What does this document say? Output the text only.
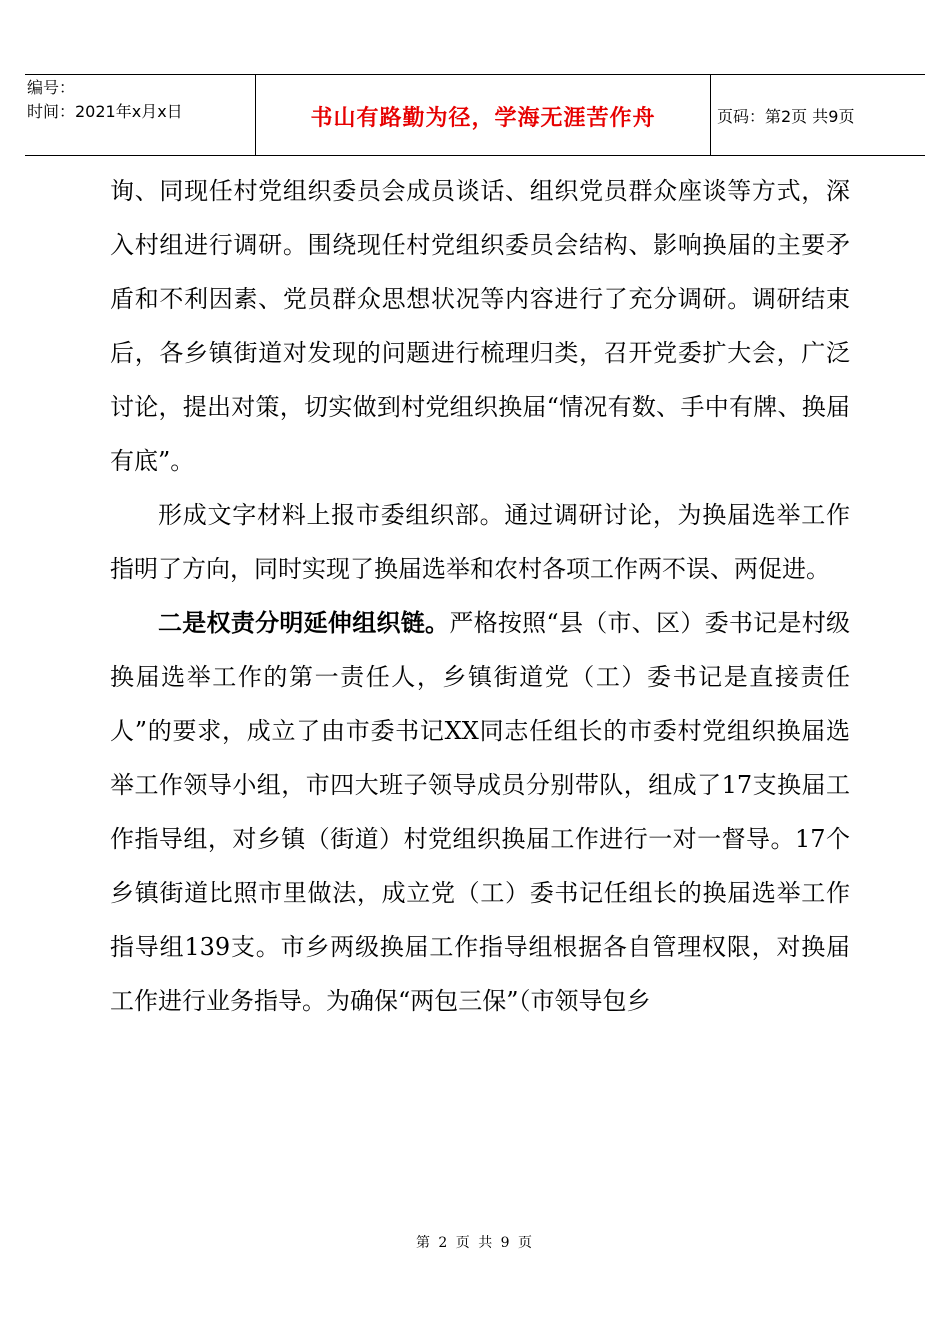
编号：
时间：2021年x月x日	书山有路勤为径，学海无涯苦作舟	页码：第2页 共9页

询、同现任村党组织委员会成员谈话、组织党员群众座谈等方式，深入村组进行调研。围绕现任村党组织委员会结构、影响换届的主要矛盾和不利因素、党员群众思想状况等内容进行了充分调研。调研结束后，各乡镇街道对发现的问题进行梳理归类，召开党委扩大会，广泛讨论，提出对策，切实做到村党组织换届“情况有数、手中有牌、换届有底”。

形成文字材料上报市委组织部。通过调研讨论，为换届选举工作指明了方向，同时实现了换届选举和农村各项工作两不误、两促进。

二是权责分明延伸组织链。严格按照“县（市、区）委书记是村级换届选举工作的第一责任人，乡镇街道党（工）委书记是直接责任人”的要求，成立了由市委书记XX同志任组长的市委村党组织换届选举工作领导小组，市四大班子领导成员分别带队，组成了17支换届工作指导组，对乡镇（街道）村党组织换届工作进行一对一督导。17个乡镇街道比照市里做法，成立党（工）委书记任组长的换届选举工作指导组139支。市乡两级换届工作指导组根据各自管理权限，对换届工作进行业务指导。为确保“两包三保”（市领导包乡

第 2 页 共 9 页
